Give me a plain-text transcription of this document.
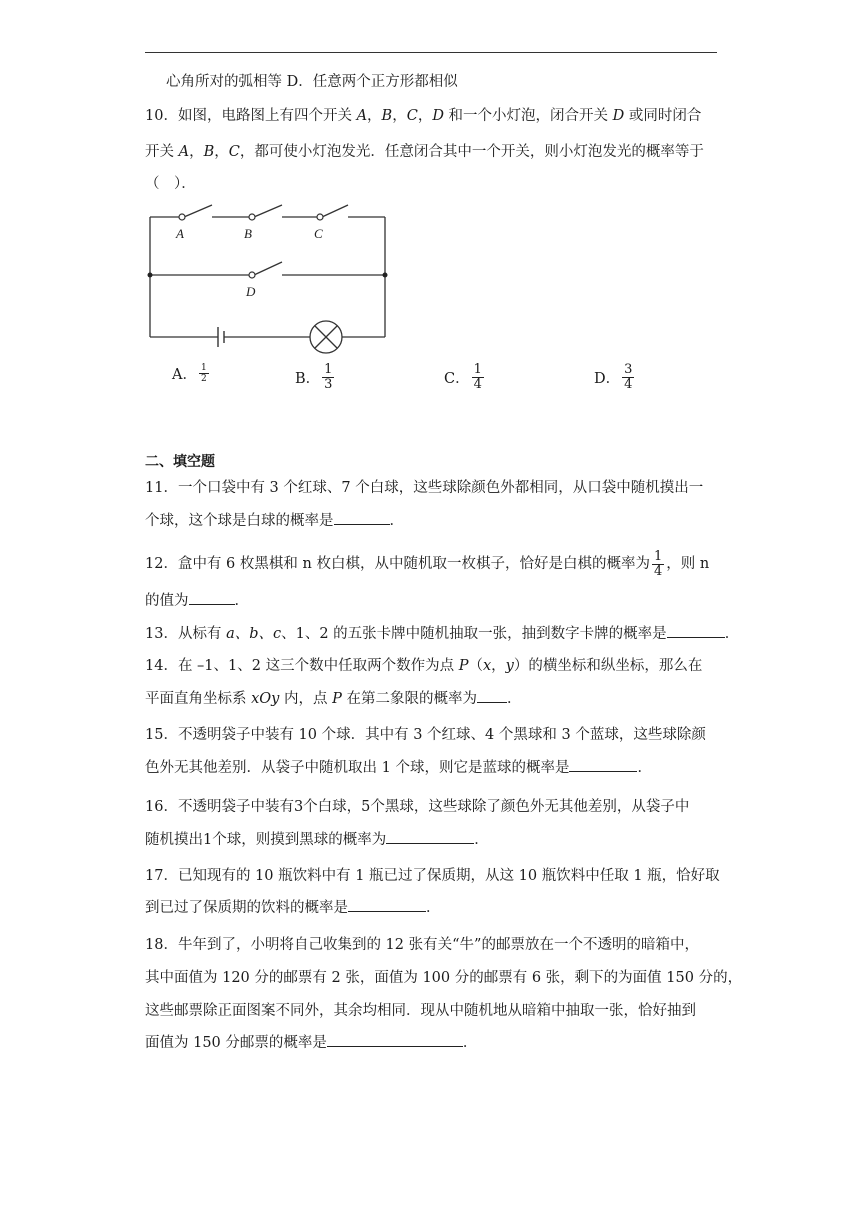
心角所对的弧相等 D．任意两个正方形都相似
10．如图，电路图上有四个开关 A，B，C，D 和一个小灯泡，闭合开关 D 或同时闭合
开关 A，B，C，都可使小灯泡发光．任意闭合其中一个开关，则小灯泡发光的概率等于
（　）．
A	B	C
D
A． $\frac{1}{2}$	B． $\frac{1}{3}$	C． $\frac{1}{4}$	D． $\frac{3}{4}$
二、填空题
11．一个口袋中有 3 个红球、7 个白球，这些球除颜色外都相同，从口袋中随机摸出一
个球，这个球是白球的概率是	．
12．盒中有 6 枚黑棋和 n 枚白棋，从中随机取一枚棋子，恰好是白棋的概率为 $\frac{1}{4}$ ，则 n
的值为	．
13．从标有 a、b、c、1、2 的五张卡牌中随机抽取一张，抽到数字卡牌的概率是	．
14．在 –1、1、2 这三个数中任取两个数作为点 P（x，y）的横坐标和纵坐标，那么在
平面直角坐标系 xOy 内，点 P 在第二象限的概率为 ．
15．不透明袋子中装有 10 个球．其中有 3 个红球、4 个黑球和 3 个蓝球，这些球除颜
色外无其他差别．从袋子中随机取出 1 个球，则它是蓝球的概率是	．
16．不透明袋子中装有3个白球，5个黑球，这些球除了颜色外无其他差别，从袋子中
随机摸出1个球，则摸到黑球的概率为	．
17．已知现有的 10 瓶饮料中有 1 瓶已过了保质期，从这 10 瓶饮料中任取 1 瓶，恰好取
到已过了保质期的饮料的概率是	．
18．牛年到了，小明将自己收集到的 12 张有关“牛”的邮票放在一个不透明的暗箱中，
其中面值为 120 分的邮票有 2 张，面值为 100 分的邮票有 6 张，剩下的为面值 150 分的，
这些邮票除正面图案不同外，其余均相同．现从中随机地从暗箱中抽取一张，恰好抽到
面值为 150 分邮票的概率是	．
